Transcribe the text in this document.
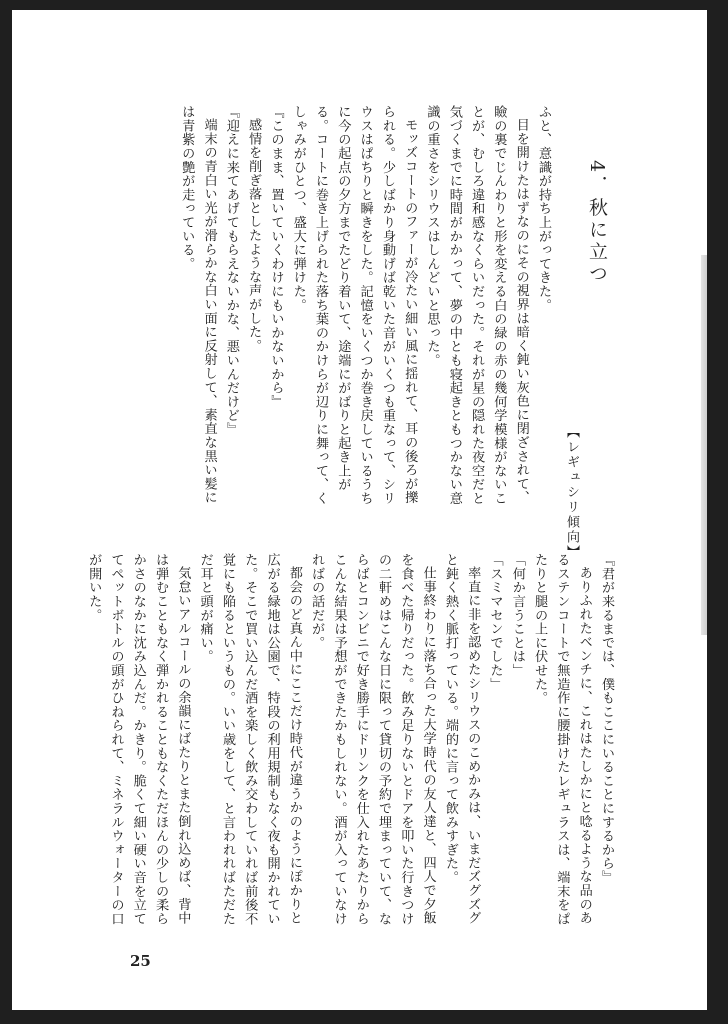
4．秋に立つ
【レギュシリ傾向】

ふと、意識が持ち上がってきた。

目を開けたはずなのにその視界は暗く鈍い灰色に閉ざされて、瞼の裏でじんわりと形を変える白の緑の赤の幾何学模様がないことが、むしろ違和感なくらいだった。それが星の隠れた夜空だと気づくまでに時間がかかって、夢の中とも寝起きともつかない意識の重さをシリウスはしんどいと思った。

モッズコートのファーが冷たい細い風に揺れて、耳の後ろが擽られる。少しばかり身動げば乾いた音がいくつも重なって、シリウスはぱちりと瞬きをした。記憶をいくつか巻き戻しているうちに今の起点の夕方までたどり着いて、途端にがばりと起き上がる。コートに巻き上げられた落ち葉のかけらが辺りに舞って、くしゃみがひとつ、盛大に弾けた。

『このまま、置いていくわけにもいかないから』

感情を削ぎ落としたような声がした。

『迎えに来てあげてもらえないかな、悪いんだけど』

端末の青白い光が滑らかな白い面に反射して、素直な黒い髪には青紫の艶が走っている。

『君が来るまでは、僕もここにいることにするから』

ありふれたベンチに、これはたしかにと唸るような品のあるステンコートで無造作に腰掛けたレギュラスは、端末をぱたりと腿の上に伏せた。

「何か言うことは」

「スミマセンでした」

率直に非を認めたシリウスのこめかみは、いまだズグズグと鈍く熱く脈打っている。端的に言って飲みすぎた。

仕事終わりに落ち合った大学時代の友人達と、四人で夕飯を食べた帰りだった。飲み足りないとドアを叩いた行きつけの二軒めはこんな日に限って貸切の予約で埋まっていて、ならばとコンビニで好き勝手にドリンクを仕入れたあたりからこんな結果は予想ができたかもしれない。酒が入っていなければの話だが。

都会のど真ん中にここだけ時代が違うかのようにぽかりと広がる緑地は公園で、特段の利用規制もなく夜も開かれていた。そこで買い込んだ酒を楽しく飲み交わしていれば前後不覚にも陥るというもの。いい歳をして、と言われればただただ耳と頭が痛い。

気怠いアルコールの余韻にばたりとまた倒れ込めば、背中は弾むこともなく弾かれることもなくただほんの少しの柔らかさのなかに沈み込んだ。かきり。脆くて細い硬い音を立ててペットボトルの頭がひねられて、ミネラルウォーターの口が開いた。

25
